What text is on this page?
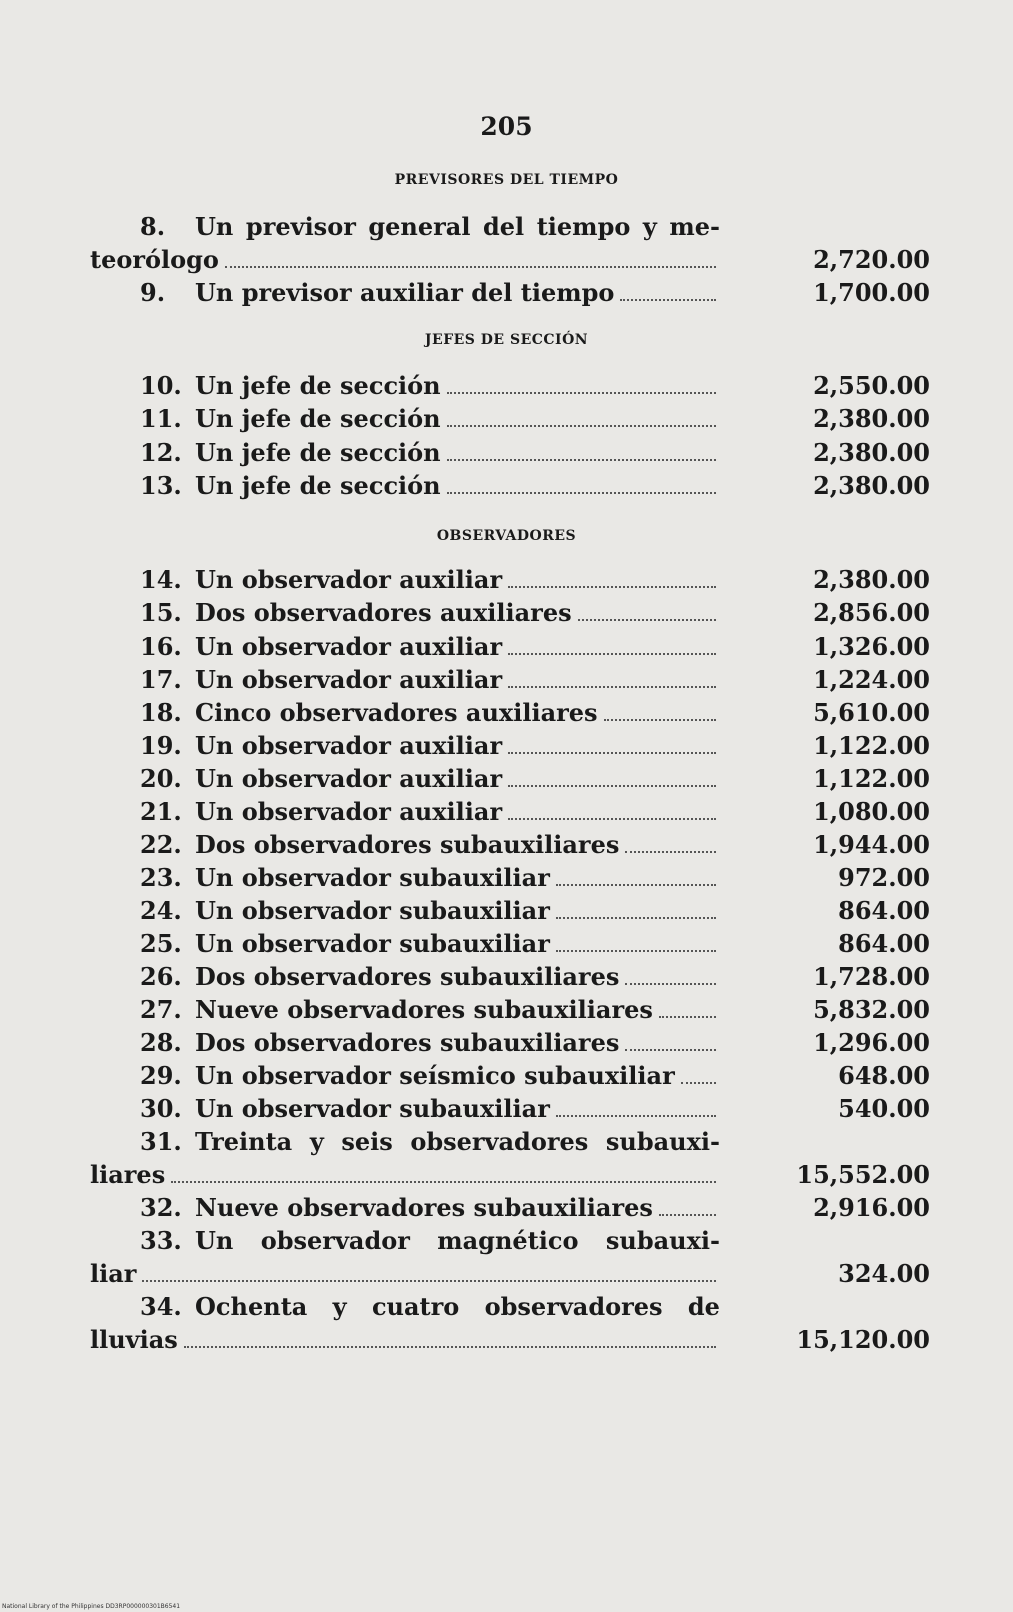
205
PREVISORES DEL TIEMPO
8.	Un previsor general del tiempo y me-
teorólogo	2,720.00
9.	Un previsor auxiliar del tiempo	1,700.00
JEFES DE SECCIÓN
10. Un jefe de sección	2,550.00
11. Un jefe de sección	2,380.00
12. Un jefe de sección	2,380.00
13. Un jefe de sección	2,380.00
OBSERVADORES
14. Un observador auxiliar	2,380.00
15. Dos observadores auxiliares	2,856.00
16. Un observador auxiliar	1,326.00
17. Un observador auxiliar	1,224.00
18. Cinco observadores auxiliares	5,610.00
19. Un observador auxiliar	1,122.00
20. Un observador auxiliar	1,122.00
21. Un observador auxiliar	1,080.00
22. Dos observadores subauxiliares	1,944.00
23. Un observador subauxiliar	972.00
24. Un observador subauxiliar	864.00
25. Un observador subauxiliar	864.00
26. Dos observadores subauxiliares	1,728.00
27. Nueve observadores subauxiliares	5,832.00
28. Dos observadores subauxiliares	1,296.00
29. Un observador seísmico subauxiliar	648.00
30. Un observador subauxiliar	540.00
31. Treinta y seis observadores subauxi-
liares	15,552.00
32. Nueve observadores subauxiliares	2,916.00
33. Un observador magnético subauxi-
liar	324.00
34. Ochenta y cuatro observadores de
lluvias	15,120.00
National Library of the Philippines DD3RP000000301B6541
